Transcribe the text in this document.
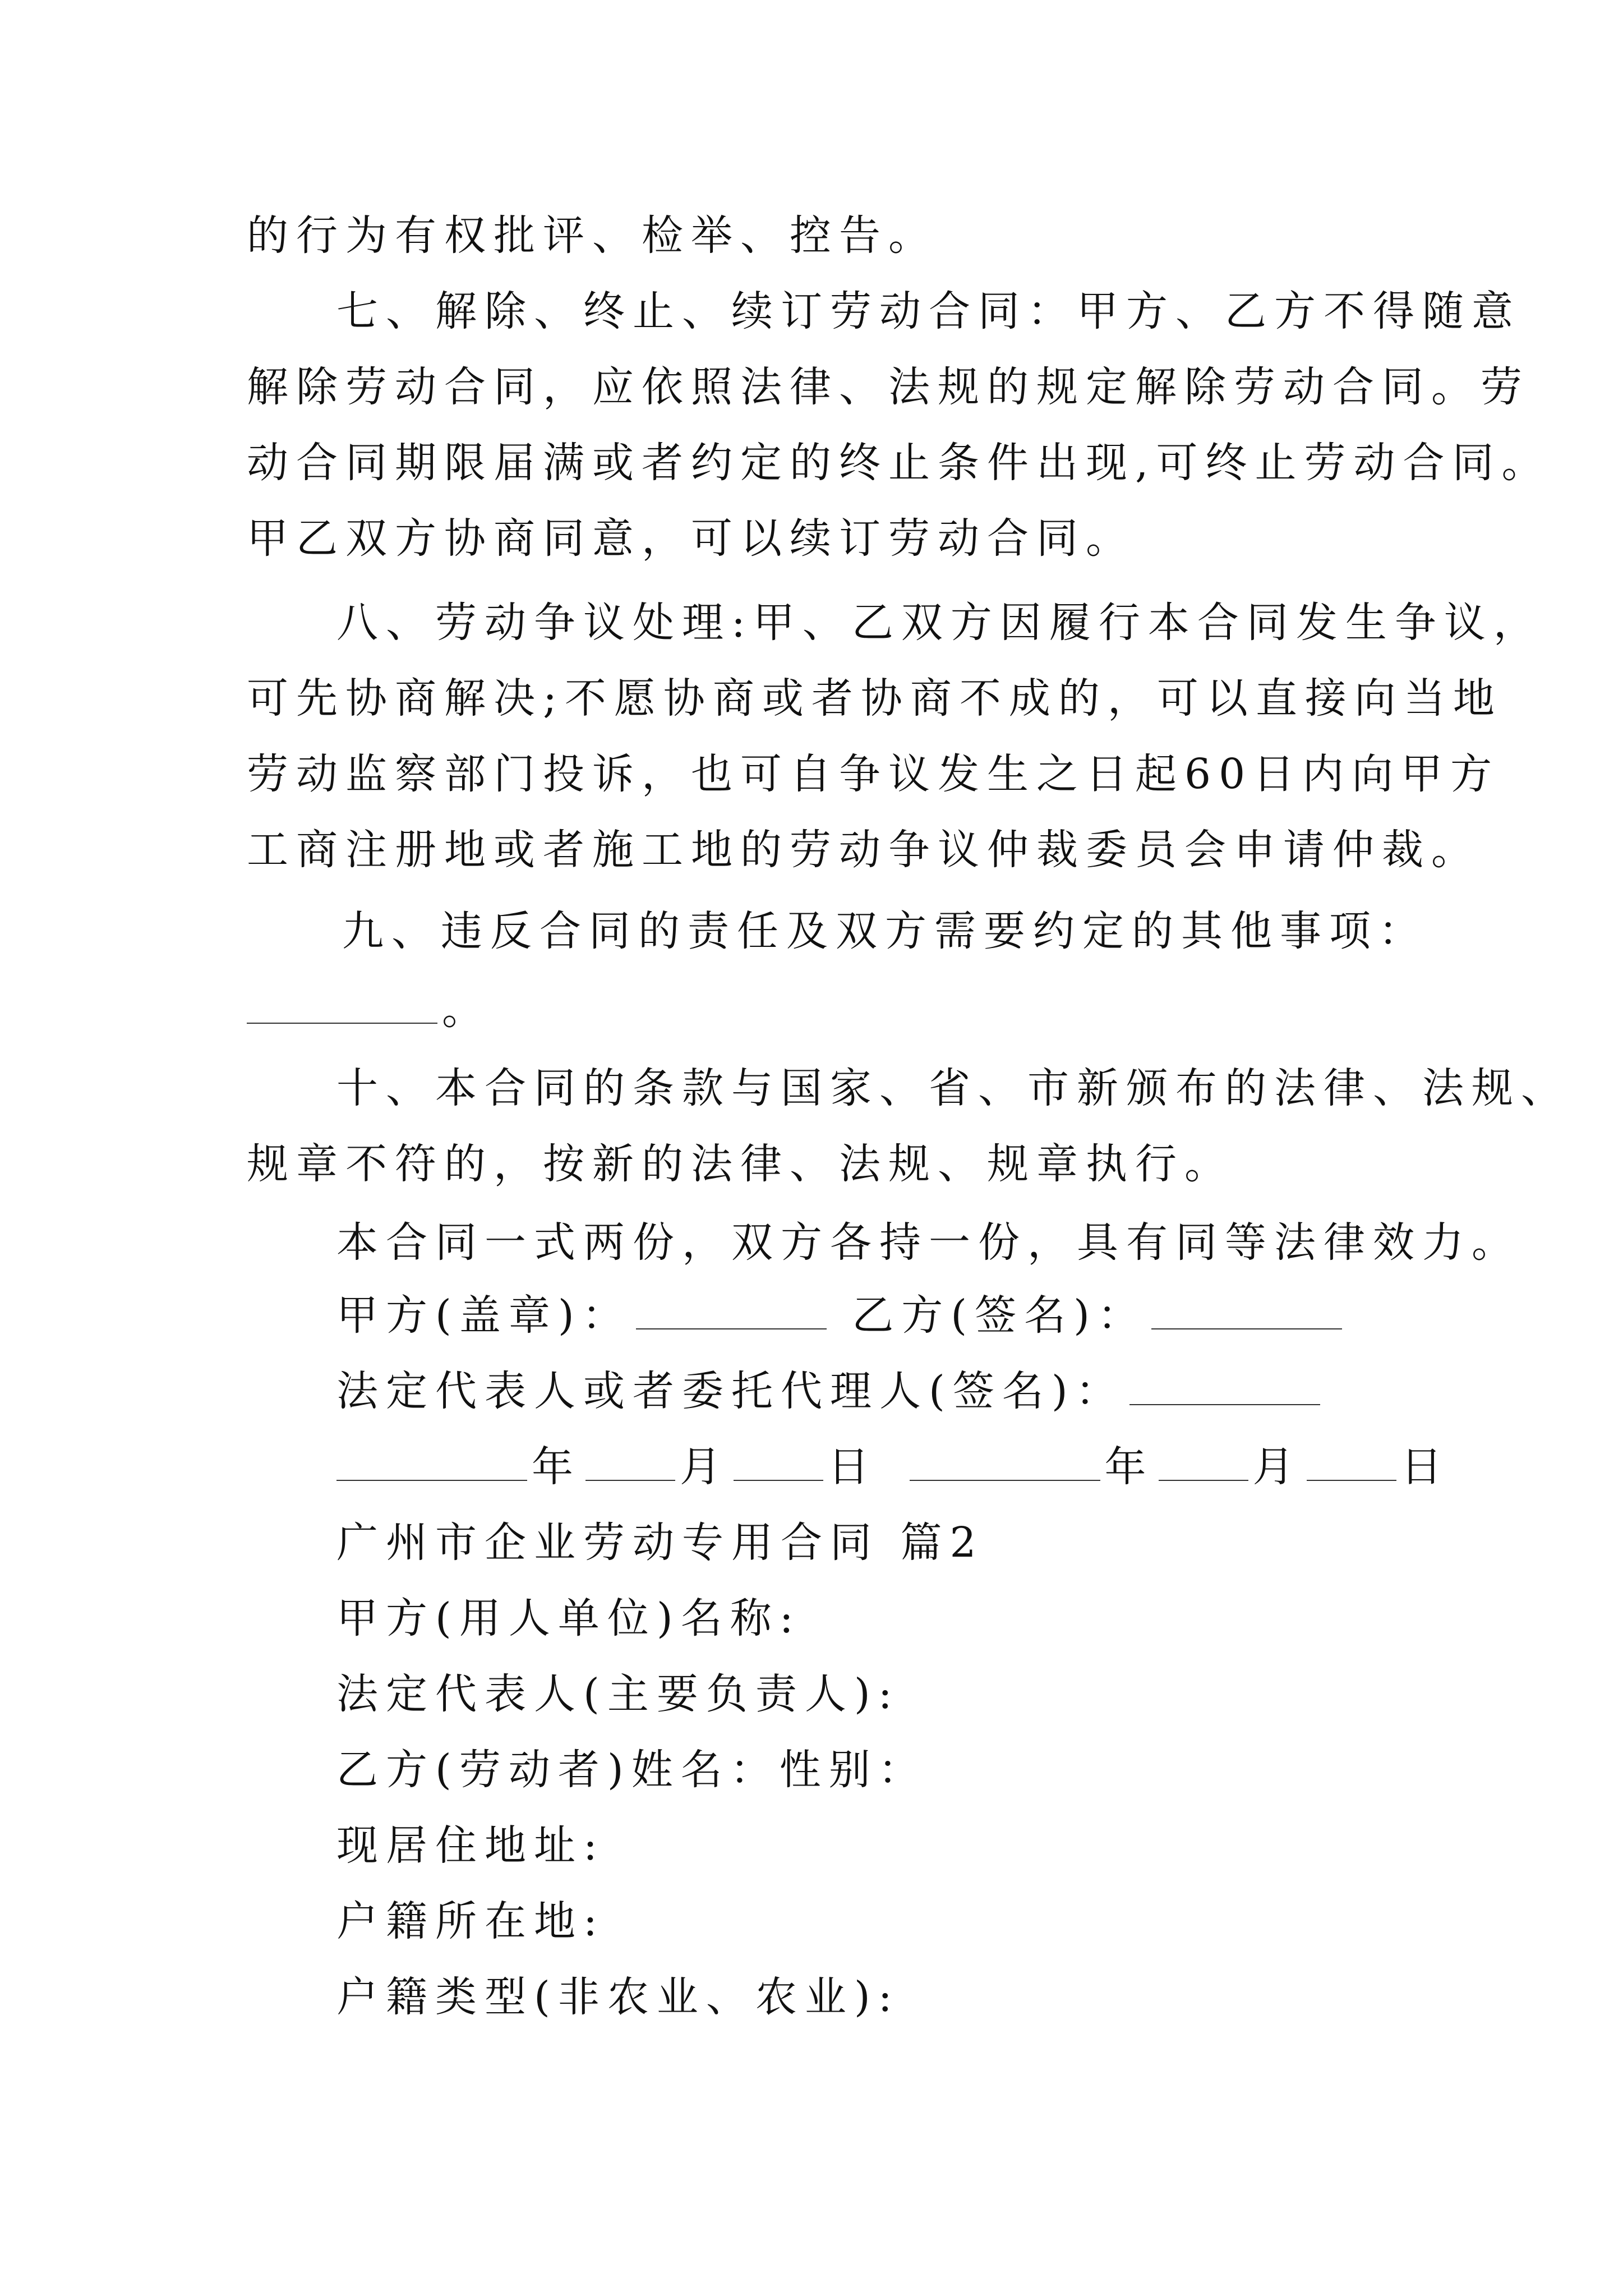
的行为有权批评、检举、控告。
七、解除、终止、续订劳动合同：甲方、乙方不得随意
解除劳动合同，应依照法律、法规的规定解除劳动合同。劳
动合同期限届满或者约定的终止条件出现,可终止劳动合同。
甲乙双方协商同意，可以续订劳动合同。
八、劳动争议处理:甲、乙双方因履行本合同发生争议，
可先协商解决;不愿协商或者协商不成的，可以直接向当地
劳动监察部门投诉，也可自争议发生之日起60日内向甲方
工商注册地或者施工地的劳动争议仲裁委员会申请仲裁。
九、违反合同的责任及双方需要约定的其他事项：
。
十、本合同的条款与国家、省、市新颁布的法律、法规、
规章不符的，按新的法律、法规、规章执行。
本合同一式两份，双方各持一份，具有同等法律效力。
甲方(盖章)：	乙方(签名)：
法定代表人或者委托代理人(签名)：
年 月 日	年 月 日
广州市企业劳动专用合同 篇2
甲方(用人单位)名称:
法定代表人(主要负责人):
乙方(劳动者)姓名：性别：
现居住地址:
户籍所在地:
户籍类型(非农业、农业):
